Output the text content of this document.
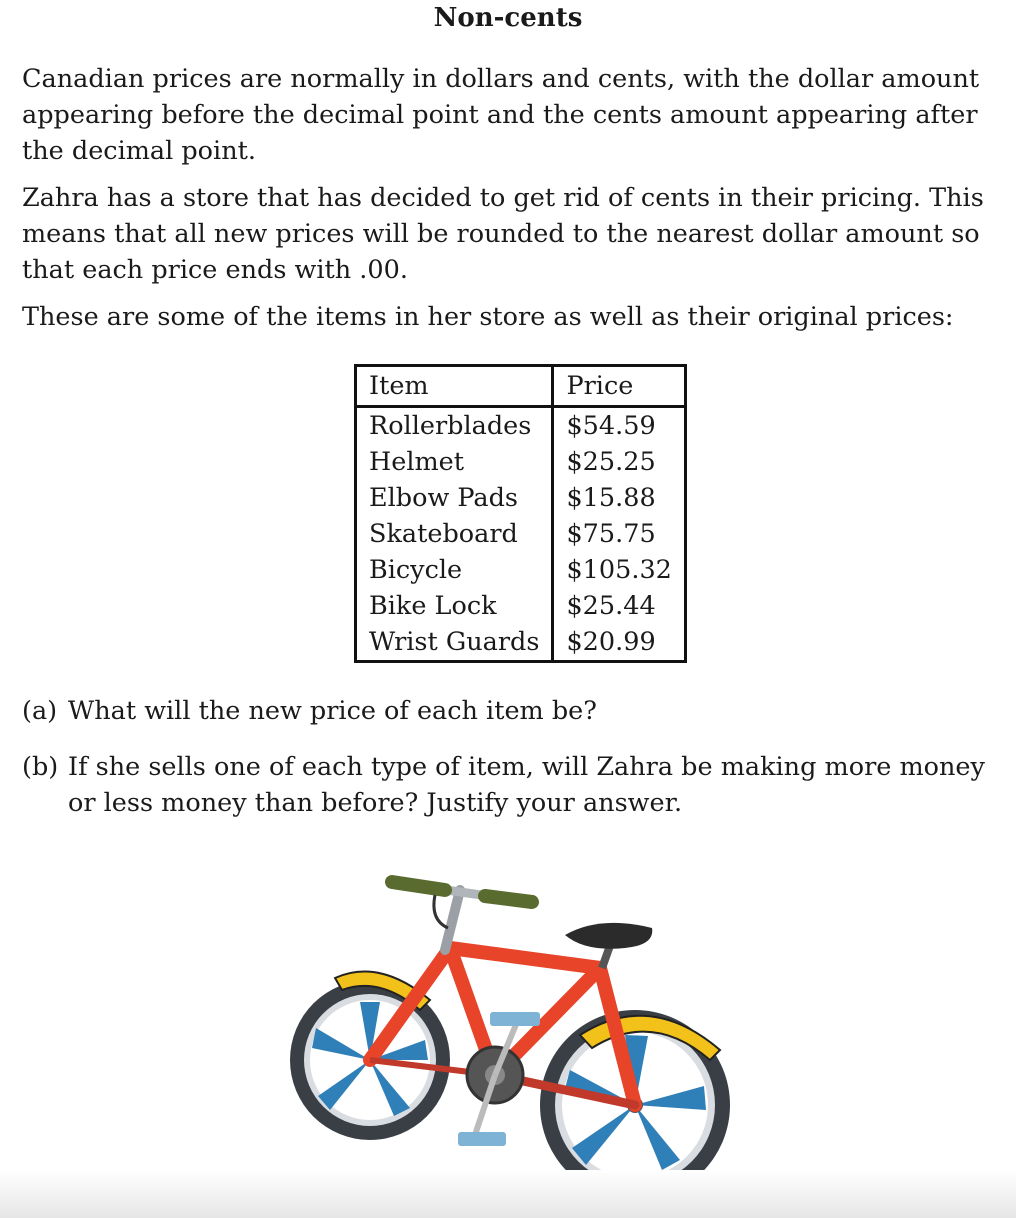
Non-cents

Canadian prices are normally in dollars and cents, with the dollar amount appearing before the decimal point and the cents amount appearing after the decimal point.

Zahra has a store that has decided to get rid of cents in their pricing. This means that all new prices will be rounded to the nearest dollar amount so that each price ends with .00.

These are some of the items in her store as well as their original prices:

Item	Price
Rollerblades	$54.59
Helmet	$25.25
Elbow Pads	$15.88
Skateboard	$75.75
Bicycle	$105.32
Bike Lock	$25.44
Wrist Guards	$20.99
(a) What will the new price of each item be?
(b) If she sells one of each type of item, will Zahra be making more money or less money than before? Justify your answer.
